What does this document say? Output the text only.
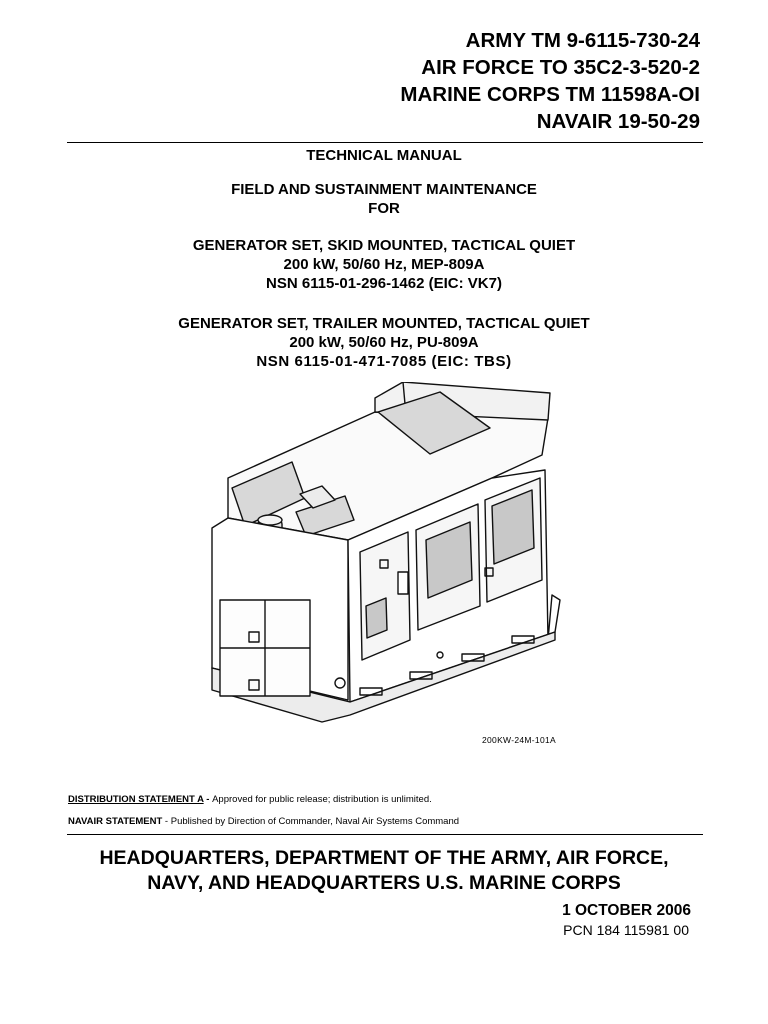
ARMY TM 9-6115-730-24
AIR FORCE TO 35C2-3-520-2
MARINE CORPS TM 11598A-OI
NAVAIR 19-50-29
TECHNICAL MANUAL
FIELD AND SUSTAINMENT MAINTENANCE
FOR
GENERATOR SET, SKID MOUNTED, TACTICAL QUIET
200 kW, 50/60 Hz, MEP-809A
NSN 6115-01-296-1462 (EIC: VK7)
GENERATOR SET, TRAILER MOUNTED, TACTICAL QUIET
200 kW, 50/60 Hz, PU-809A
NSN 6115-01-471-7085 (EIC: TBS)
200KW-24M-101A
DISTRIBUTION STATEMENT A - Approved for public release; distribution is unlimited.
NAVAIR STATEMENT - Published by Direction of Commander, Naval Air Systems Command
HEADQUARTERS, DEPARTMENT OF THE ARMY, AIR FORCE,
NAVY, AND HEADQUARTERS U.S. MARINE CORPS
1 OCTOBER 2006
PCN 184 115981 00
